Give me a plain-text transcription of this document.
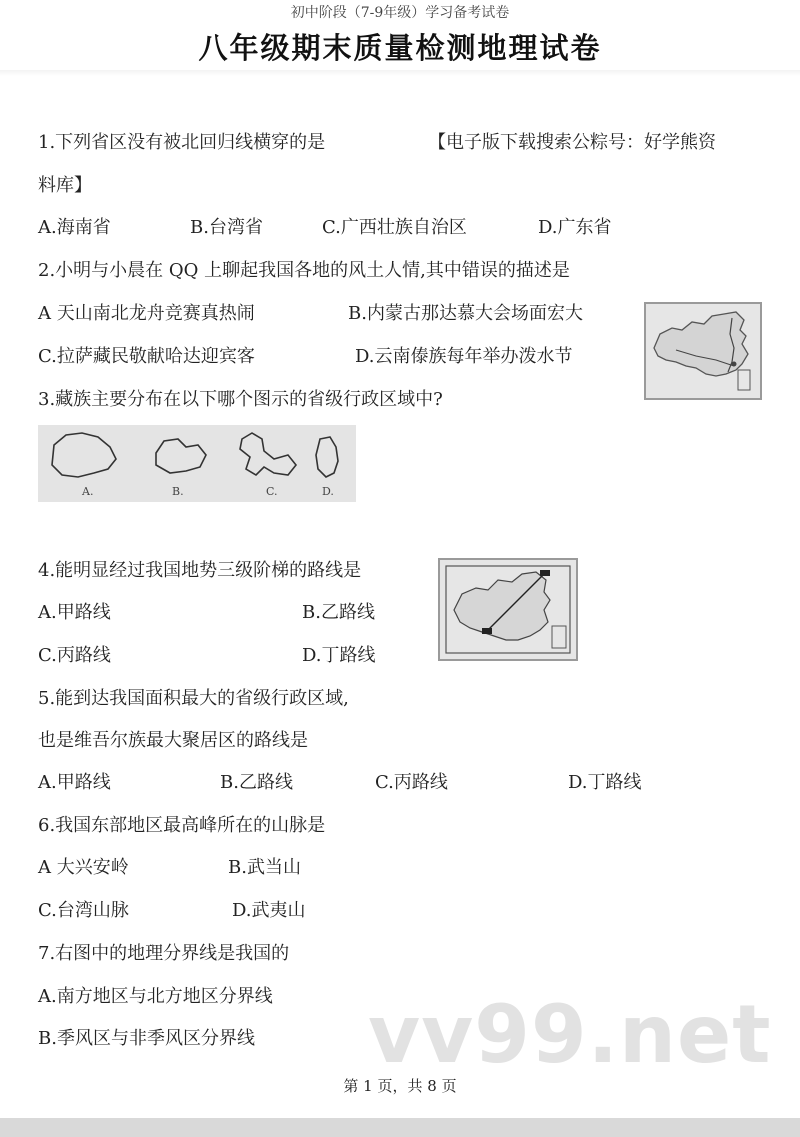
初中阶段（7-9年级）学习备考试卷
八年级期末质量检测地理试卷
1.下列省区没有被北回归线横穿的是	【电子版下载搜索公粽号：好学熊资
料库】
A.海南省	B.台湾省	C.广西壮族自治区	D.广东省
2.小明与小晨在 QQ 上聊起我国各地的风土人情,其中错误的描述是
A 天山南北龙舟竞赛真热闹	B.内蒙古那达慕大会场面宏大
C.拉萨藏民敬献哈达迎宾客	D.云南傣族每年举办泼水节
3.藏族主要分布在以下哪个图示的省级行政区域中?
A.	B.	C.	D.
4.能明显经过我国地势三级阶梯的路线是
A.甲路线	B.乙路线
C.丙路线	D.丁路线
5.能到达我国面积最大的省级行政区域,
也是维吾尔族最大聚居区的路线是
A.甲路线	B.乙路线	C.丙路线	D.丁路线
6.我国东部地区最高峰所在的山脉是
A 大兴安岭	B.武当山
C.台湾山脉	D.武夷山
7.右图中的地理分界线是我国的
A.南方地区与北方地区分界线
B.季风区与非季风区分界线 vv99.net
第 1 页，共 8 页
